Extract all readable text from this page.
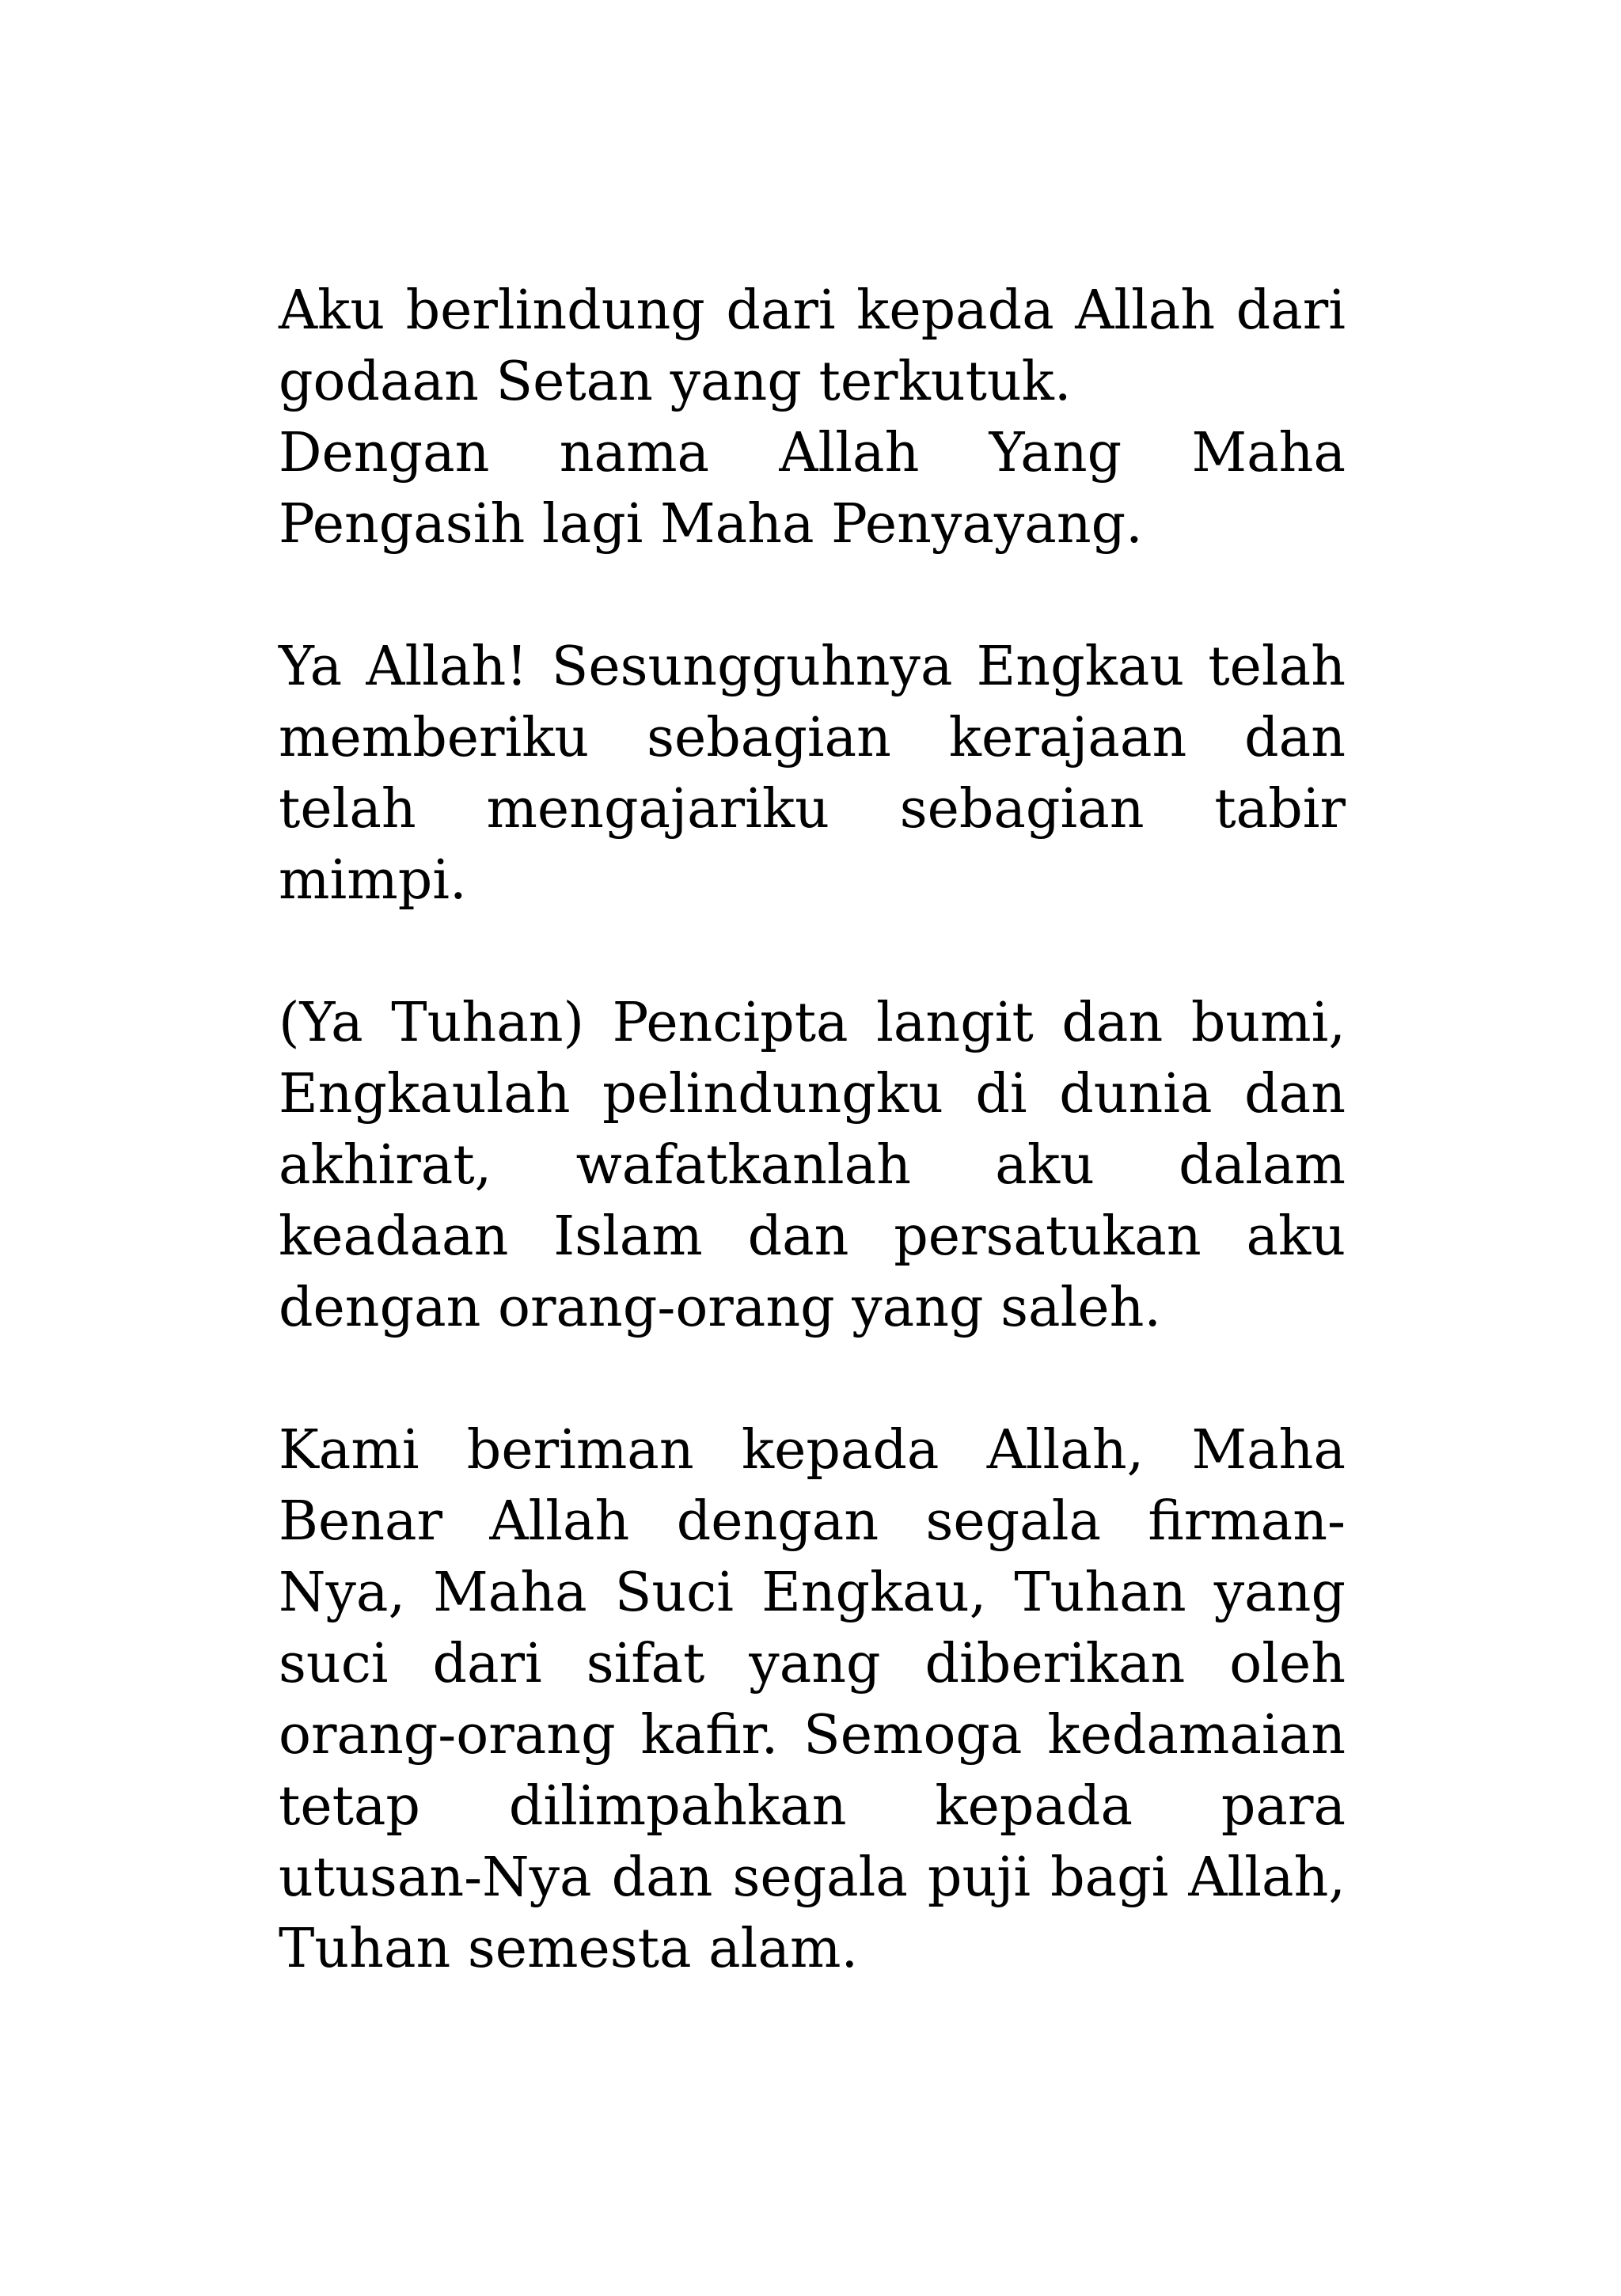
Aku berlindung dari kepada Allah dari
godaan Setan yang terkutuk.
Dengan nama Allah Yang Maha
Pengasih lagi Maha Penyayang.
Ya Allah! Sesungguhnya Engkau telah
memberiku sebagian kerajaan dan
telah mengajariku sebagian tabir
mimpi.
(Ya Tuhan) Pencipta langit dan bumi,
Engkaulah pelindungku di dunia dan
akhirat, wafatkanlah aku dalam
keadaan Islam dan persatukan aku
dengan orang-orang yang saleh.
Kami beriman kepada Allah, Maha
Benar Allah dengan segala firman-
Nya, Maha Suci Engkau, Tuhan yang
suci dari sifat yang diberikan oleh
orang-orang kafir. Semoga kedamaian
tetap dilimpahkan kepada para
utusan-Nya dan segala puji bagi Allah,
Tuhan semesta alam.
